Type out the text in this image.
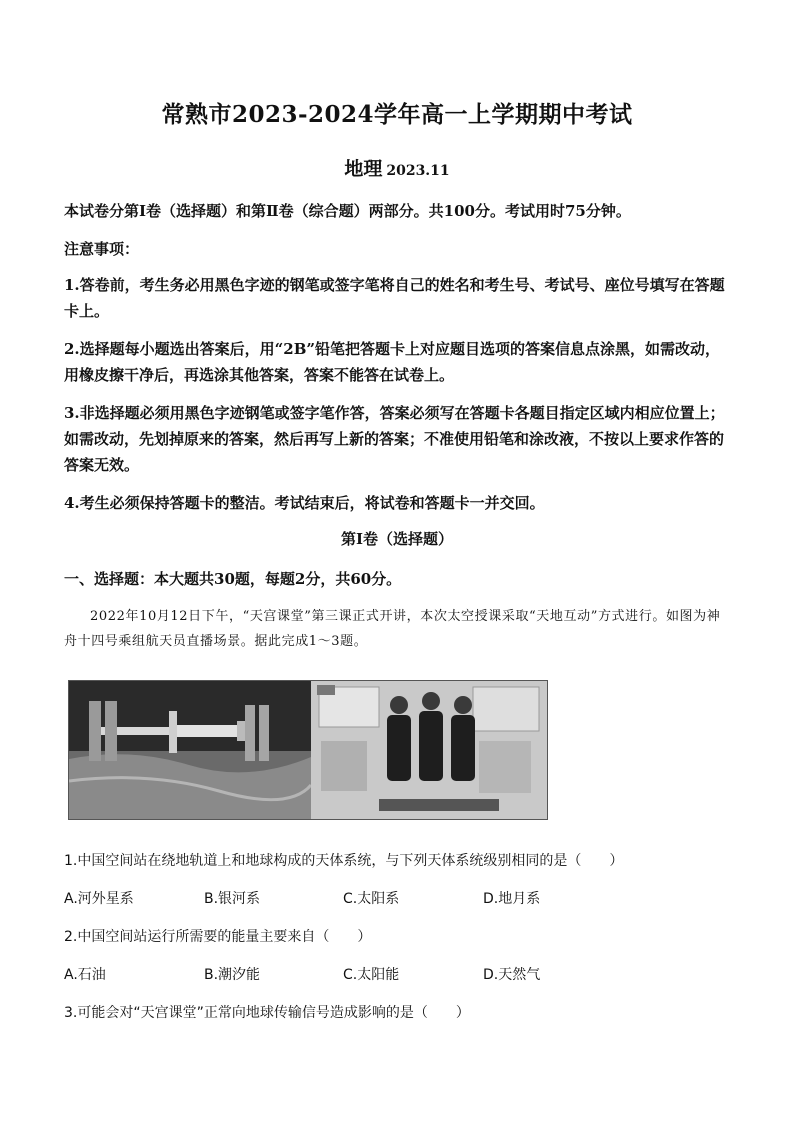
常熟市2023-2024学年高一上学期期中考试
地理 2023.11
本试卷分第Ⅰ卷（选择题）和第Ⅱ卷（综合题）两部分。共100分。考试用时75分钟。
注意事项：
1.答卷前，考生务必用黑色字迹的钢笔或签字笔将自己的姓名和考生号、考试号、座位号填写在答题卡上。
2.选择题每小题选出答案后，用“2B”铅笔把答题卡上对应题目选项的答案信息点涂黑，如需改动，用橡皮擦干净后，再选涂其他答案，答案不能答在试卷上。
3.非选择题必须用黑色字迹钢笔或签字笔作答，答案必须写在答题卡各题目指定区域内相应位置上；如需改动，先划掉原来的答案，然后再写上新的答案；不准使用铅笔和涂改液，不按以上要求作答的答案无效。
4.考生必须保持答题卡的整洁。考试结束后，将试卷和答题卡一并交回。
第Ⅰ卷（选择题）
一、选择题：本大题共30题，每题2分，共60分。
2022年10月12日下午，“天宫课堂”第三课正式开讲，本次太空授课采取“天地互动”方式进行。如图为神舟十四号乘组航天员直播场景。据此完成1～3题。
1.中国空间站在绕地轨道上和地球构成的天体系统，与下列天体系统级别相同的是（　　）
A.河外星系	B.银河系	C.太阳系	D.地月系
2.中国空间站运行所需要的能量主要来自（　　）
A.石油	B.潮汐能	C.太阳能	D.天然气
3.可能会对“天宫课堂”正常向地球传输信号造成影响的是（　　）
